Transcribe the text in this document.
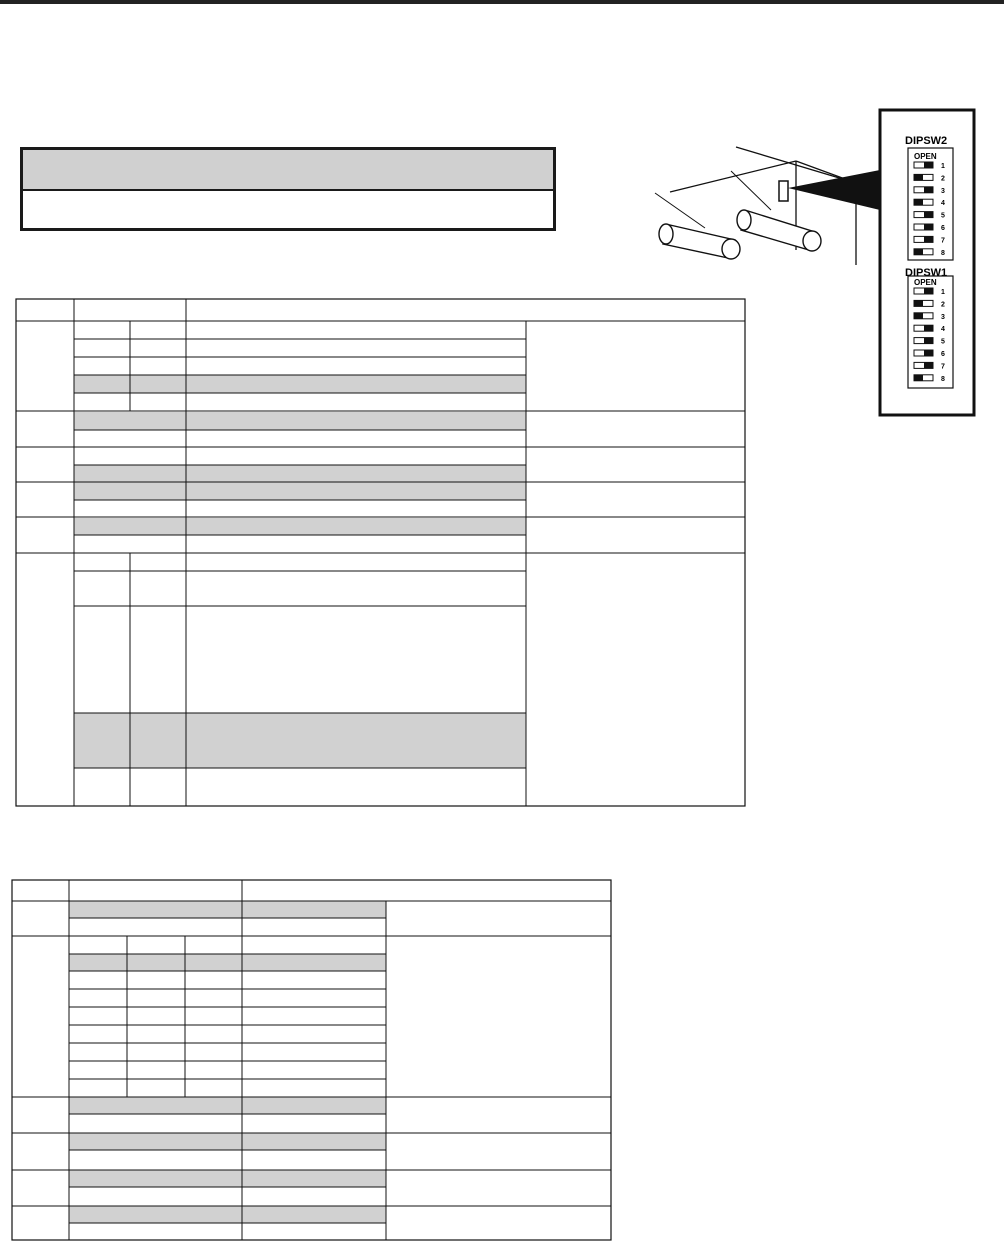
DIPSW2
OPEN
1
2
3
4
5
6
7
8
DIPSW1
OPEN
1
2
3
4
5
6
7
8
